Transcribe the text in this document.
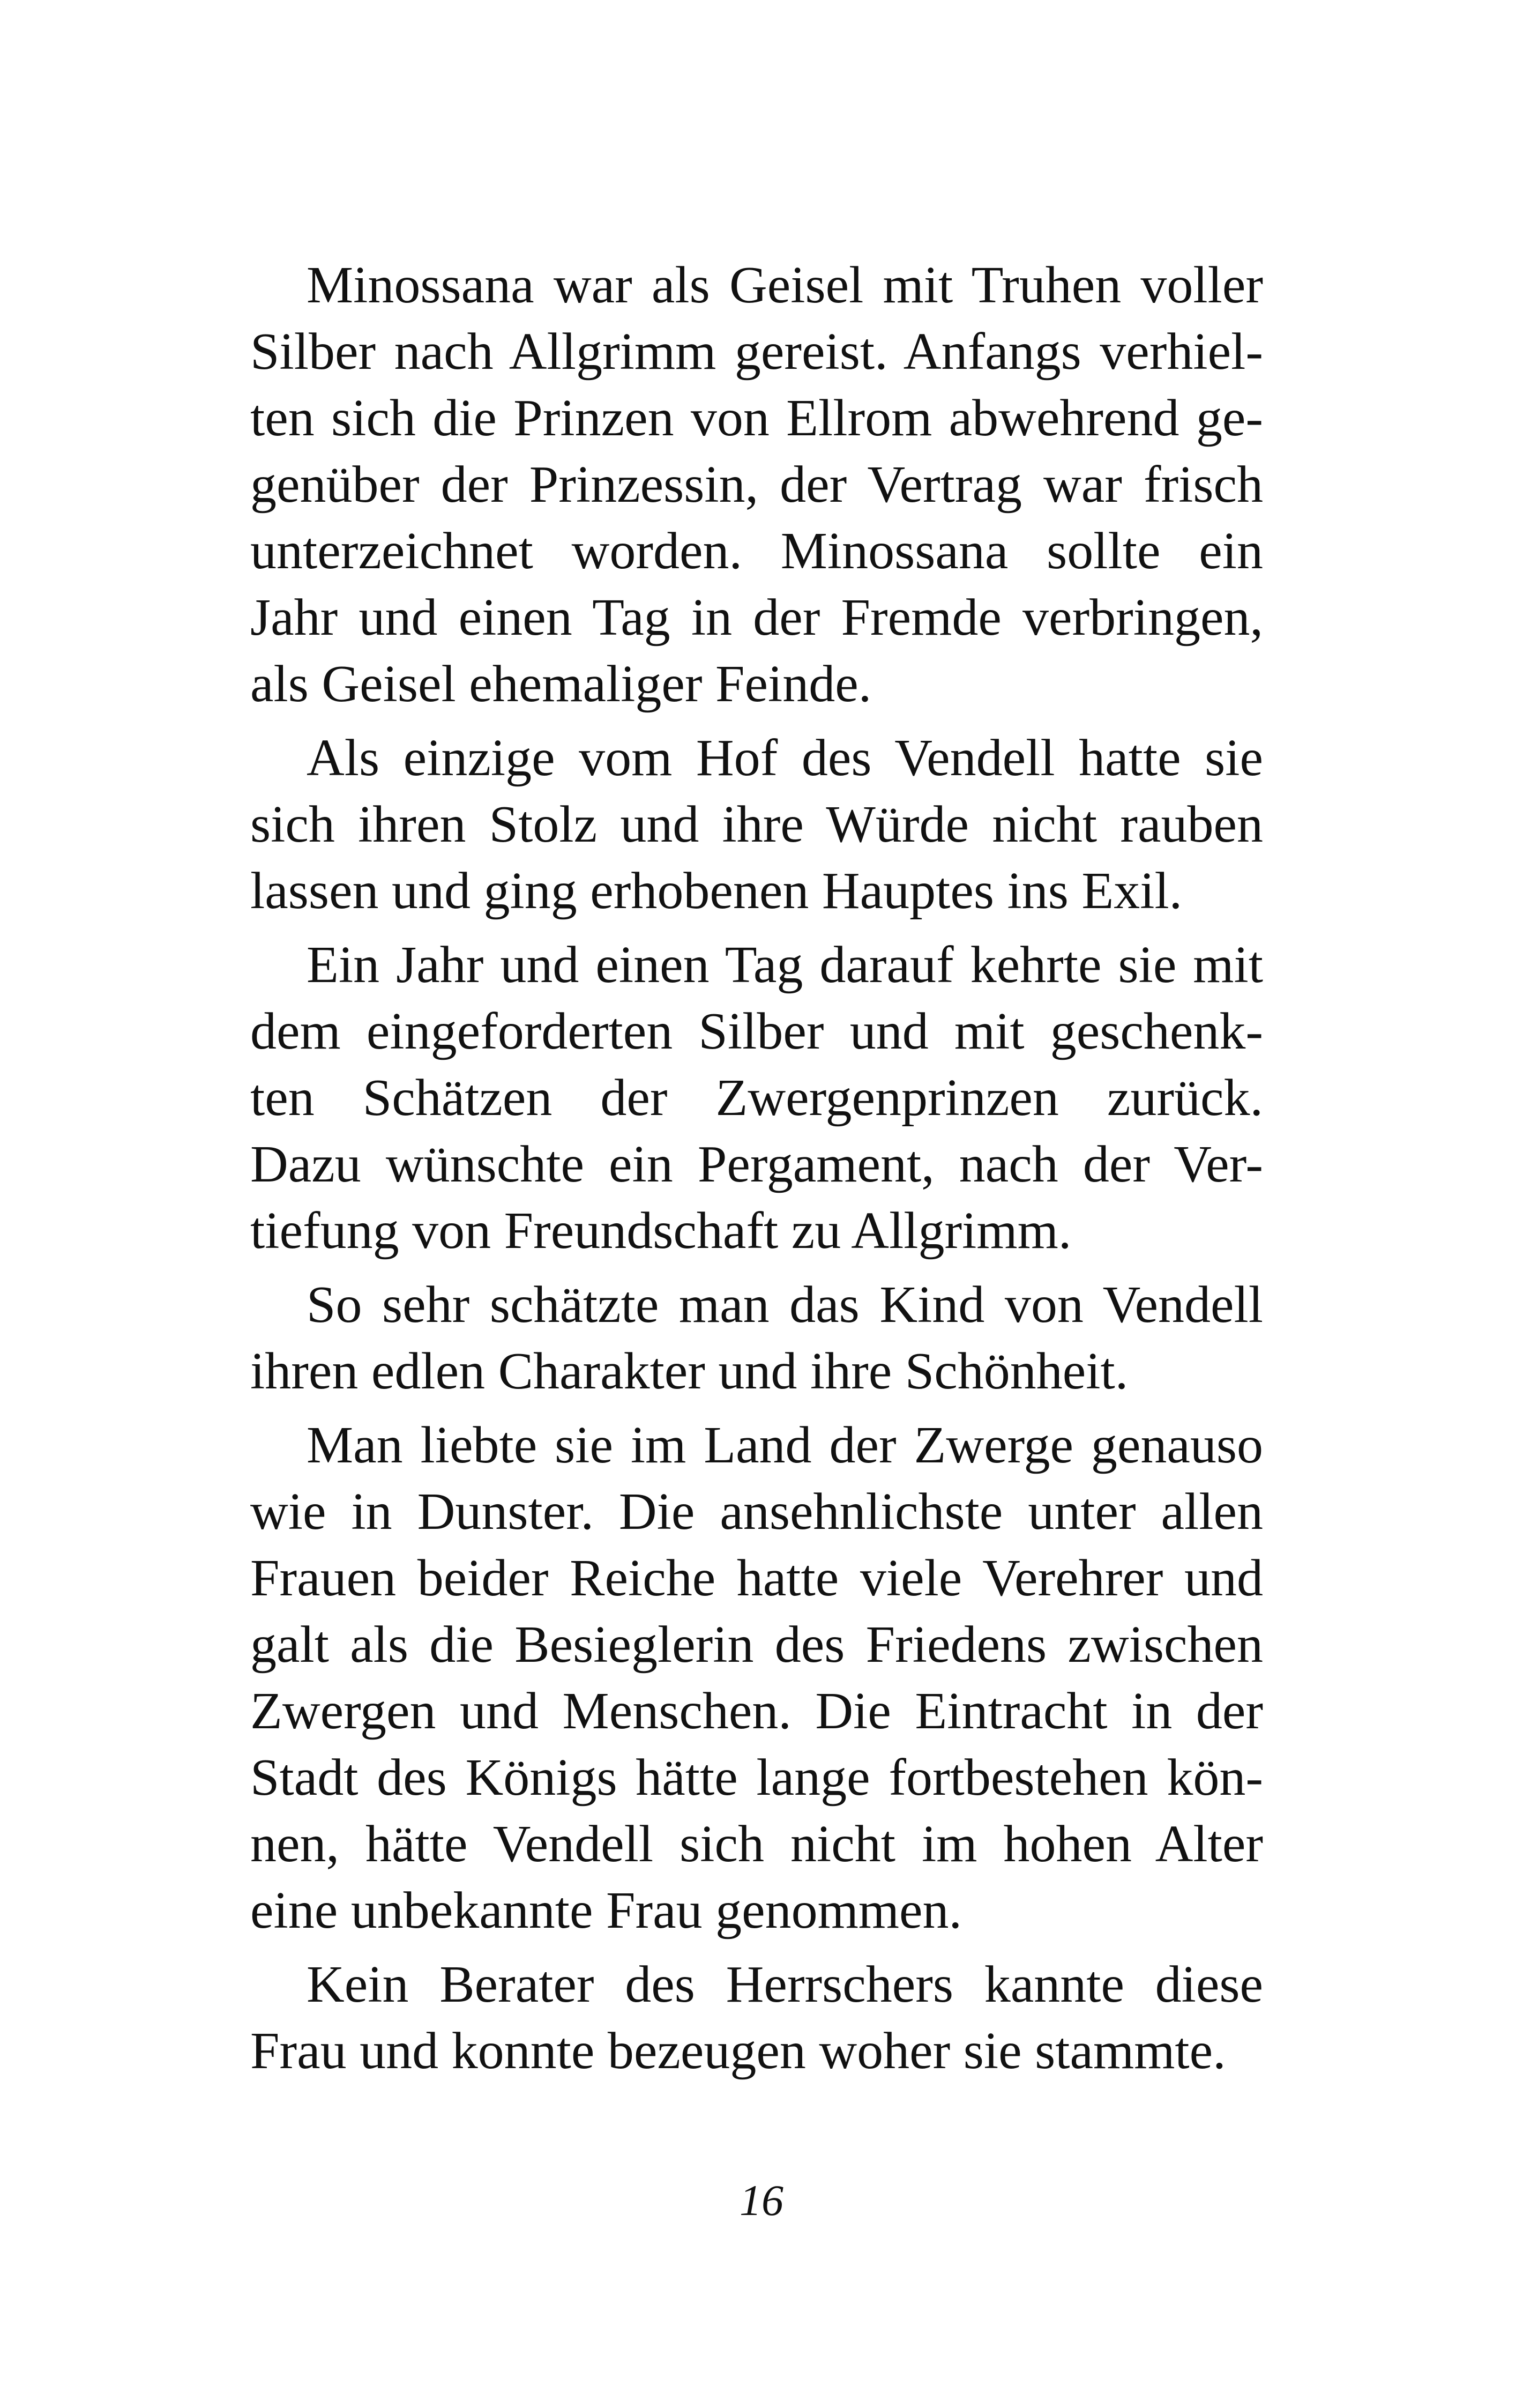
Minossana war als Geisel mit Truhen voller
Silber nach Allgrimm gereist. Anfangs verhiel-
ten sich die Prinzen von Ellrom abwehrend ge-
genüber der Prinzessin, der Vertrag war frisch
unterzeichnet worden. Minossana sollte ein
Jahr und einen Tag in der Fremde verbringen,
als Geisel ehemaliger Feinde.

Als einzige vom Hof des Vendell hatte sie
sich ihren Stolz und ihre Würde nicht rauben
lassen und ging erhobenen Hauptes ins Exil.

Ein Jahr und einen Tag darauf kehrte sie mit
dem eingeforderten Silber und mit geschenk-
ten Schätzen der Zwergenprinzen zurück.
Dazu wünschte ein Pergament, nach der Ver-
tiefung von Freundschaft zu Allgrimm.

So sehr schätzte man das Kind von Vendell
ihren edlen Charakter und ihre Schönheit.

Man liebte sie im Land der Zwerge genauso
wie in Dunster. Die ansehnlichste unter allen
Frauen beider Reiche hatte viele Verehrer und
galt als die Besieglerin des Friedens zwischen
Zwergen und Menschen. Die Eintracht in der
Stadt des Königs hätte lange fortbestehen kön-
nen, hätte Vendell sich nicht im hohen Alter
eine unbekannte Frau genommen.

Kein Berater des Herrschers kannte diese
Frau und konnte bezeugen woher sie stammte.

16
